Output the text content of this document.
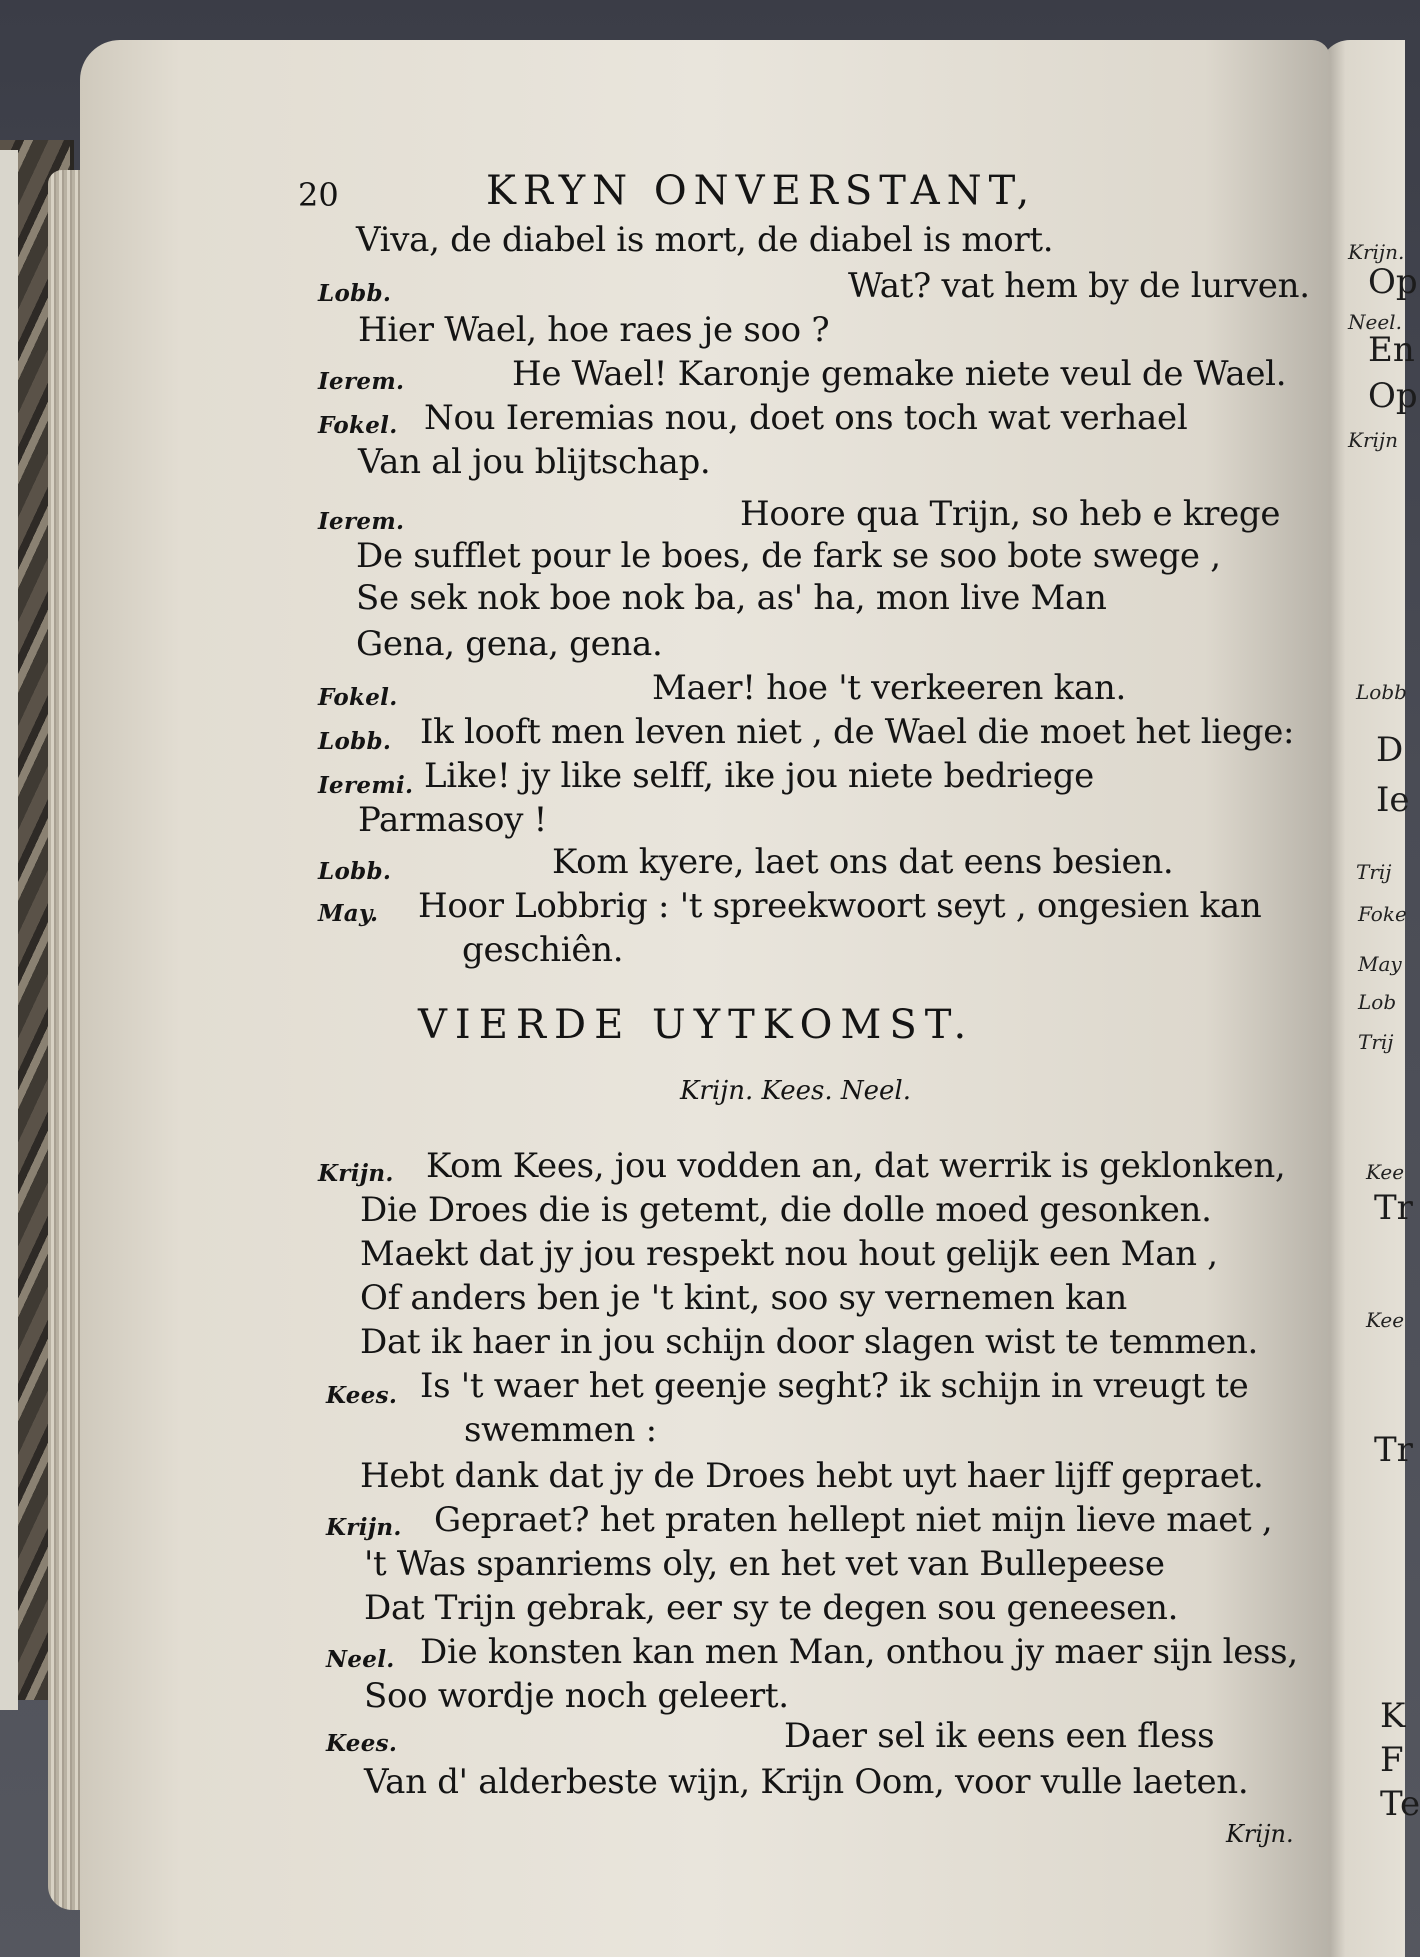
Krijn.
Op
Neel.
En
Op
Krijn
Lobb
D
Ie
Trij
Foke
May
Lob
Trij
Kee
Tr
Kee
Tr
K
F
Te
20	KRYN ONVERSTANT,
Viva, de diabel is mort, de diabel is mort.
Lobb.	Wat? vat hem by de lurven.
Hier Wael, hoe raes je soo ?
Ierem.	He Wael! Karonje gemake niete veul de Wael.
Fokel. Nou Ieremias nou, doet ons toch wat verhael
Van al jou blijtschap.
Ierem.	Hoore qua Trijn, so heb e krege
De sufflet pour le boes, de fark se soo bote swege ,
Se sek nok boe nok ba, as' ha, mon live Man
Gena, gena, gena.
Fokel.	Maer! hoe 't verkeeren kan.
Lobb. Ik looft men leven niet , de Wael die moet het liege:
Ieremi. Like! jy like selff, ike jou niete bedriege
Parmasoy !
Lobb.	Kom kyere, laet ons dat eens besien.
May. Hoor Lobbrig : 't spreekwoort seyt , ongesien kan
geschiên.
VIERDE UYTKOMST.
Krijn. Kees. Neel.
Krijn. Kom Kees, jou vodden an, dat werrik is geklonken,
Die Droes die is getemt, die dolle moed gesonken.
Maekt dat jy jou respekt nou hout gelijk een Man ,
Of anders ben je 't kint, soo sy vernemen kan
Dat ik haer in jou schijn door slagen wist te temmen.
Kees. Is 't waer het geenje seght? ik schijn in vreugt te
swemmen :
Hebt dank dat jy de Droes hebt uyt haer lijff gepraet.
Krijn. Gepraet? het praten hellept niet mijn lieve maet ,
't Was spanriems oly, en het vet van Bullepeese
Dat Trijn gebrak, eer sy te degen sou geneesen.
Neel. Die konsten kan men Man, onthou jy maer sijn less,
Soo wordje noch geleert.
Kees.	Daer sel ik eens een fless
Van d' alderbeste wijn, Krijn Oom, voor vulle laeten.
Krijn.
